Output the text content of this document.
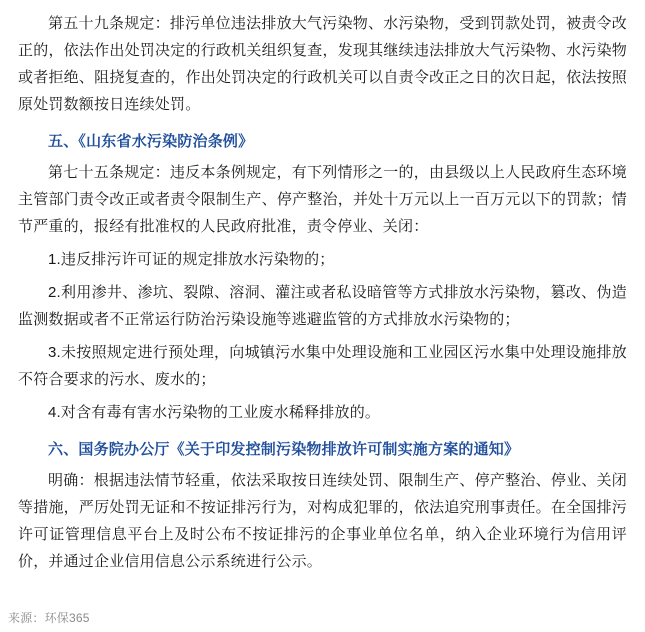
第五十九条规定：排污单位违法排放大气污染物、水污染物，受到罚款处罚，被责令改正的，依法作出处罚决定的行政机关组织复查，发现其继续违法排放大气污染物、水污染物或者拒绝、阻挠复查的，作出处罚决定的行政机关可以自责令改正之日的次日起，依法按照原处罚数额按日连续处罚。

五、《山东省水污染防治条例》

第七十五条规定：违反本条例规定，有下列情形之一的，由县级以上人民政府生态环境主管部门责令改正或者责令限制生产、停产整治，并处十万元以上一百万元以下的罚款；情节严重的，报经有批准权的人民政府批准，责令停业、关闭：

1.违反排污许可证的规定排放水污染物的；

2.利用渗井、渗坑、裂隙、溶洞、灌注或者私设暗管等方式排放水污染物，篡改、伪造监测数据或者不正常运行防治污染设施等逃避监管的方式排放水污染物的；

3.未按照规定进行预处理，向城镇污水集中处理设施和工业园区污水集中处理设施排放不符合要求的污水、废水的；

4.对含有毒有害水污染物的工业废水稀释排放的。

六、国务院办公厅《关于印发控制污染物排放许可制实施方案的通知》

明确：根据违法情节轻重，依法采取按日连续处罚、限制生产、停产整治、停业、关闭等措施，严厉处罚无证和不按证排污行为，对构成犯罪的，依法追究刑事责任。在全国排污许可证管理信息平台上及时公布不按证排污的企事业单位名单，纳入企业环境行为信用评价，并通过企业信用信息公示系统进行公示。

来源：环保365
